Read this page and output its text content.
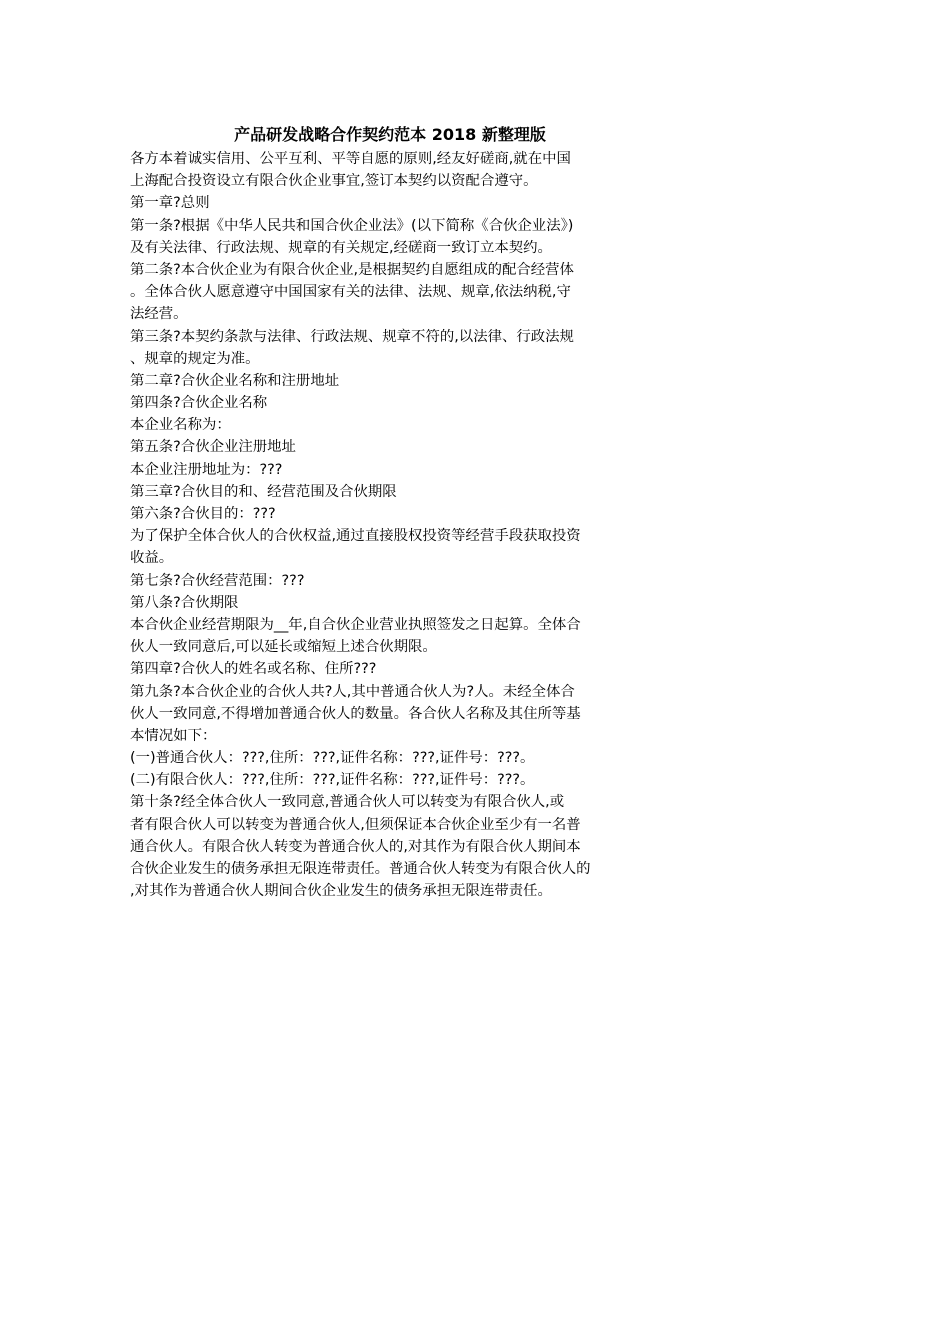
产品研发战略合作契约范本 2018 新整理版
各方本着诚实信用、公平互利、平等自愿的原则,经友好磋商,就在中国
上海配合投资设立有限合伙企业事宜,签订本契约以资配合遵守。
第一章?总则
第一条?根据《中华人民共和国合伙企业法》(以下简称《合伙企业法》)
及有关法律、行政法规、规章的有关规定,经磋商一致订立本契约。
第二条?本合伙企业为有限合伙企业,是根据契约自愿组成的配合经营体
。全体合伙人愿意遵守中国国家有关的法律、法规、规章,依法纳税,守
法经营。
第三条?本契约条款与法律、行政法规、规章不符的,以法律、行政法规
、规章的规定为准。
第二章?合伙企业名称和注册地址
第四条?合伙企业名称
本企业名称为：
第五条?合伙企业注册地址
本企业注册地址为：???
第三章?合伙目的和、经营范围及合伙期限
第六条?合伙目的：???
为了保护全体合伙人的合伙权益,通过直接股权投资等经营手段获取投资
收益。
第七条?合伙经营范围：???
第八条?合伙期限
本合伙企业经营期限为__年,自合伙企业营业执照签发之日起算。全体合
伙人一致同意后,可以延长或缩短上述合伙期限。
第四章?合伙人的姓名或名称、住所???
第九条?本合伙企业的合伙人共?人,其中普通合伙人为?人。未经全体合
伙人一致同意,不得增加普通合伙人的数量。各合伙人名称及其住所等基
本情况如下：
(一)普通合伙人：???,住所：???,证件名称：???,证件号：???。
(二)有限合伙人：???,住所：???,证件名称：???,证件号：???。
第十条?经全体合伙人一致同意,普通合伙人可以转变为有限合伙人,或
者有限合伙人可以转变为普通合伙人,但须保证本合伙企业至少有一名普
通合伙人。有限合伙人转变为普通合伙人的,对其作为有限合伙人期间本
合伙企业发生的债务承担无限连带责任。普通合伙人转变为有限合伙人的
,对其作为普通合伙人期间合伙企业发生的债务承担无限连带责任。
